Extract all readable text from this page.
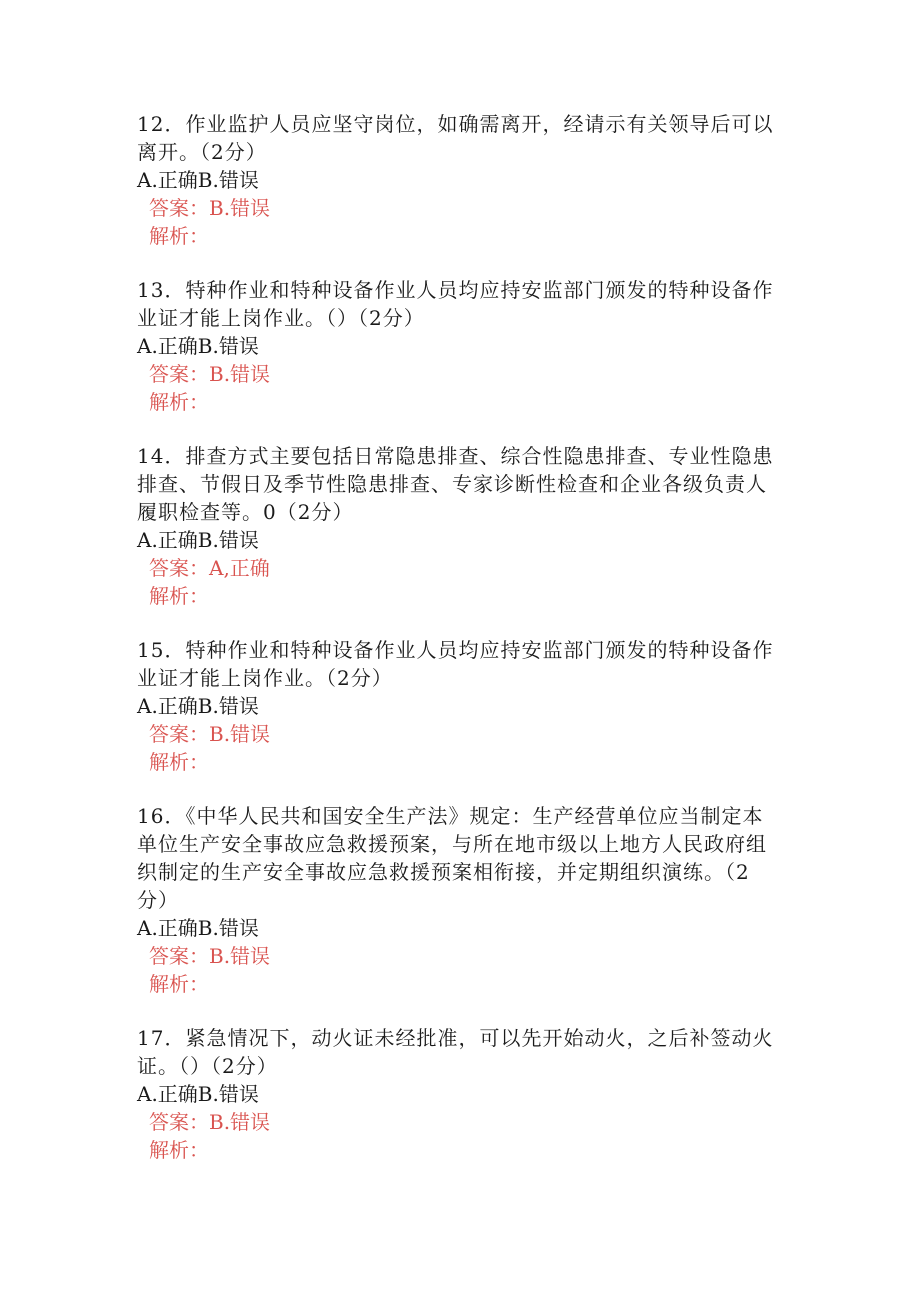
12．作业监护人员应坚守岗位，如确需离开，经请示有关领导后可以离开。（2分）

A.正确B.错误

答案：B.错误

解析：

13．特种作业和特种设备作业人员均应持安监部门颁发的特种设备作业证才能上岗作业。（）（2分）

A.正确B.错误

答案：B.错误

解析：

14．排查方式主要包括日常隐患排查、综合性隐患排查、专业性隐患排查、节假日及季节性隐患排查、专家诊断性检查和企业各级负责人履职检查等。0（2分）

A.正确B.错误

答案：A,正确

解析：

15．特种作业和特种设备作业人员均应持安监部门颁发的特种设备作业证才能上岗作业。（2分）

A.正确B.错误

答案：B.错误

解析：

16．《中华人民共和国安全生产法》规定：生产经营单位应当制定本单位生产安全事故应急救援预案，与所在地市级以上地方人民政府组织制定的生产安全事故应急救援预案相衔接，并定期组织演练。（2分）

A.正确B.错误

答案：B.错误

解析：

17．紧急情况下，动火证未经批准，可以先开始动火，之后补签动火证。（）（2分）

A.正确B.错误

答案：B.错误

解析：
